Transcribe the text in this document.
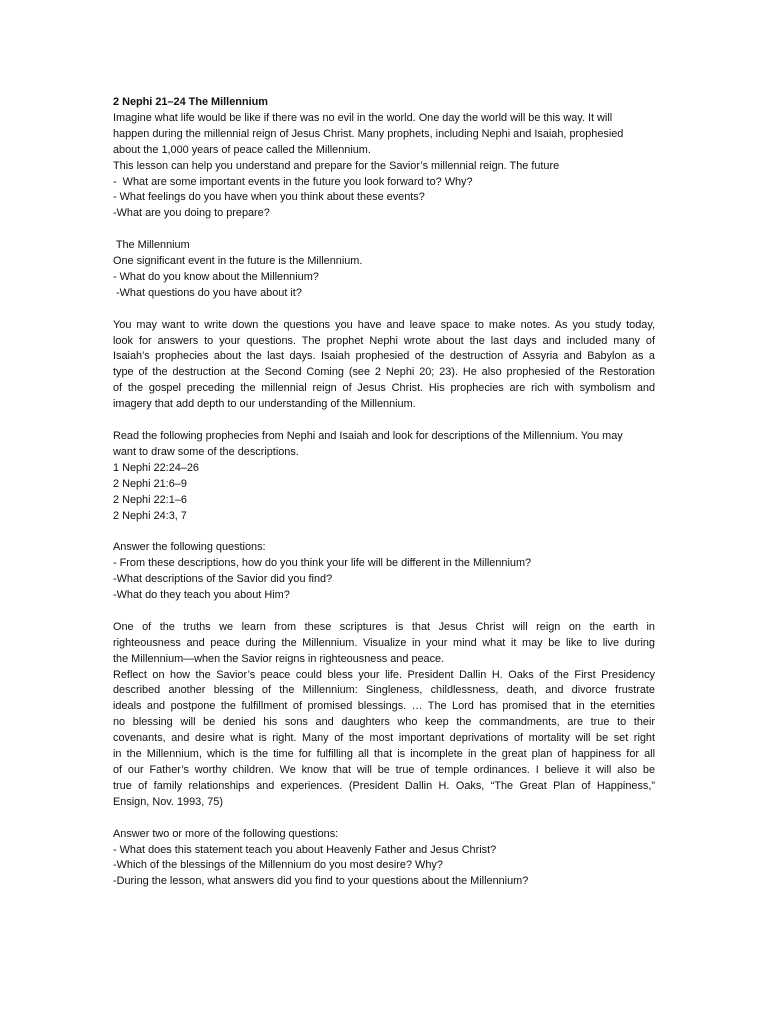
2 Nephi 21–24 The Millennium
Imagine what life would be like if there was no evil in the world. One day the world will be this way. It will
happen during the millennial reign of Jesus Christ. Many prophets, including Nephi and Isaiah, prophesied
about the 1,000 years of peace called the Millennium.
This lesson can help you understand and prepare for the Savior’s millennial reign. The future
-  What are some important events in the future you look forward to? Why?
- What feelings do you have when you think about these events?
-What are you doing to prepare?
The Millennium
One significant event in the future is the Millennium.
- What do you know about the Millennium?
-What questions do you have about it?
You may want to write down the questions you have and leave space to make notes. As you study today,
look for answers to your questions. The prophet Nephi wrote about the last days and included many of
Isaiah’s prophecies about the last days. Isaiah prophesied of the destruction of Assyria and Babylon as a
type of the destruction at the Second Coming (see 2 Nephi 20; 23). He also prophesied of the Restoration
of the gospel preceding the millennial reign of Jesus Christ. His prophecies are rich with symbolism and
imagery that add depth to our understanding of the Millennium.
Read the following prophecies from Nephi and Isaiah and look for descriptions of the Millennium. You may
want to draw some of the descriptions.
1 Nephi 22:24–26
2 Nephi 21:6–9
2 Nephi 22:1–6
2 Nephi 24:3, 7
Answer the following questions:
- From these descriptions, how do you think your life will be different in the Millennium?
-What descriptions of the Savior did you find?
-What do they teach you about Him?
One of the truths we learn from these scriptures is that Jesus Christ will reign on the earth in
righteousness and peace during the Millennium. Visualize in your mind what it may be like to live during
the Millennium—when the Savior reigns in righteousness and peace.
Reflect on how the Savior’s peace could bless your life. President Dallin H. Oaks of the First Presidency
described another blessing of the Millennium: Singleness, childlessness, death, and divorce frustrate
ideals and postpone the fulfillment of promised blessings. … The Lord has promised that in the eternities
no blessing will be denied his sons and daughters who keep the commandments, are true to their
covenants, and desire what is right. Many of the most important deprivations of mortality will be set right
in the Millennium, which is the time for fulfilling all that is incomplete in the great plan of happiness for all
of our Father’s worthy children. We know that will be true of temple ordinances. I believe it will also be
true of family relationships and experiences. (President Dallin H. Oaks, “The Great Plan of Happiness,”
Ensign, Nov. 1993, 75)
Answer two or more of the following questions:
- What does this statement teach you about Heavenly Father and Jesus Christ?
-Which of the blessings of the Millennium do you most desire? Why?
-During the lesson, what answers did you find to your questions about the Millennium?
